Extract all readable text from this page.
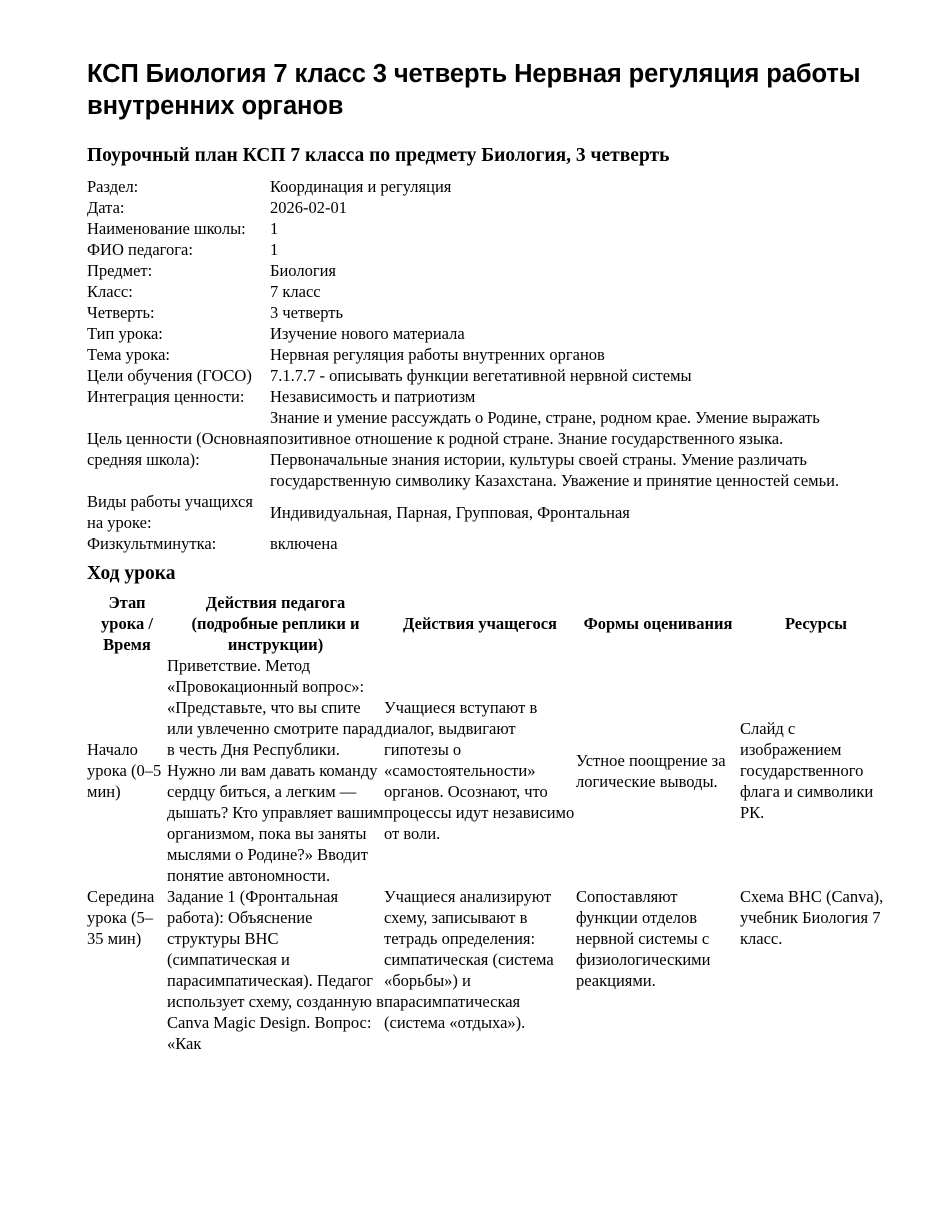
КСП Биология 7 класс 3 четверть Нервная регуляция работы внутренних органов
Поурочный план КСП 7 класса по предмету Биология, 3 четверть
Раздел:	Координация и регуляция
Дата:	2026-02-01
Наименование школы:	1
ФИО педагога:	1
Предмет:	Биология
Класс:	7 класс
Четверть:	3 четверть
Тип урока:	Изучение нового материала
Тема урока:	Нервная регуляция работы внутренних органов
Цели обучения (ГОСО)	7.1.7.7 - описывать функции вегетативной нервной системы
Интеграция ценности:	Независимость и патриотизм
Цель ценности (Основная средняя школа):	Знание и умение рассуждать о Родине, стране, родном крае. Умение выражать позитивное отношение к родной стране. Знание государственного языка. Первоначальные знания истории, культуры своей страны. Умение различать государственную символику Казахстана. Уважение и принятие ценностей семьи.
Виды работы учащихся на уроке:	Индивидуальная, Парная, Групповая, Фронтальная
Физкультминутка:	включена
Ход урока
Этап урока / Время	Действия педагога (подробные реплики и инструкции)	Действия учащегося	Формы оценивания	Ресурсы
Начало урока (0–5 мин)	Приветствие. Метод «Провокационный вопрос»: «Представьте, что вы спите или увлеченно смотрите парад в честь Дня Республики. Нужно ли вам давать команду сердцу биться, а легким — дышать? Кто управляет вашим организмом, пока вы заняты мыслями о Родине?» Вводит понятие автономности.	Учащиеся вступают в диалог, выдвигают гипотезы о «самостоятельности» органов. Осознают, что процессы идут независимо от воли.	Устное поощрение за логические выводы.	Слайд с изображением государственного флага и символики РК.
Середина урока (5–35 мин)	Задание 1 (Фронтальная работа): Объяснение структуры ВНС (симпатическая и парасимпатическая). Педагог использует схему, созданную в Canva Magic Design. Вопрос: «Как	Учащиеся анализируют схему, записывают в тетрадь определения: симпатическая (система «борьбы») и парасимпатическая (система «отдыха»).	Сопоставляют функции отделов нервной системы с физиологическими реакциями.	Схема ВНС (Canva), учебник Биология 7 класс.
